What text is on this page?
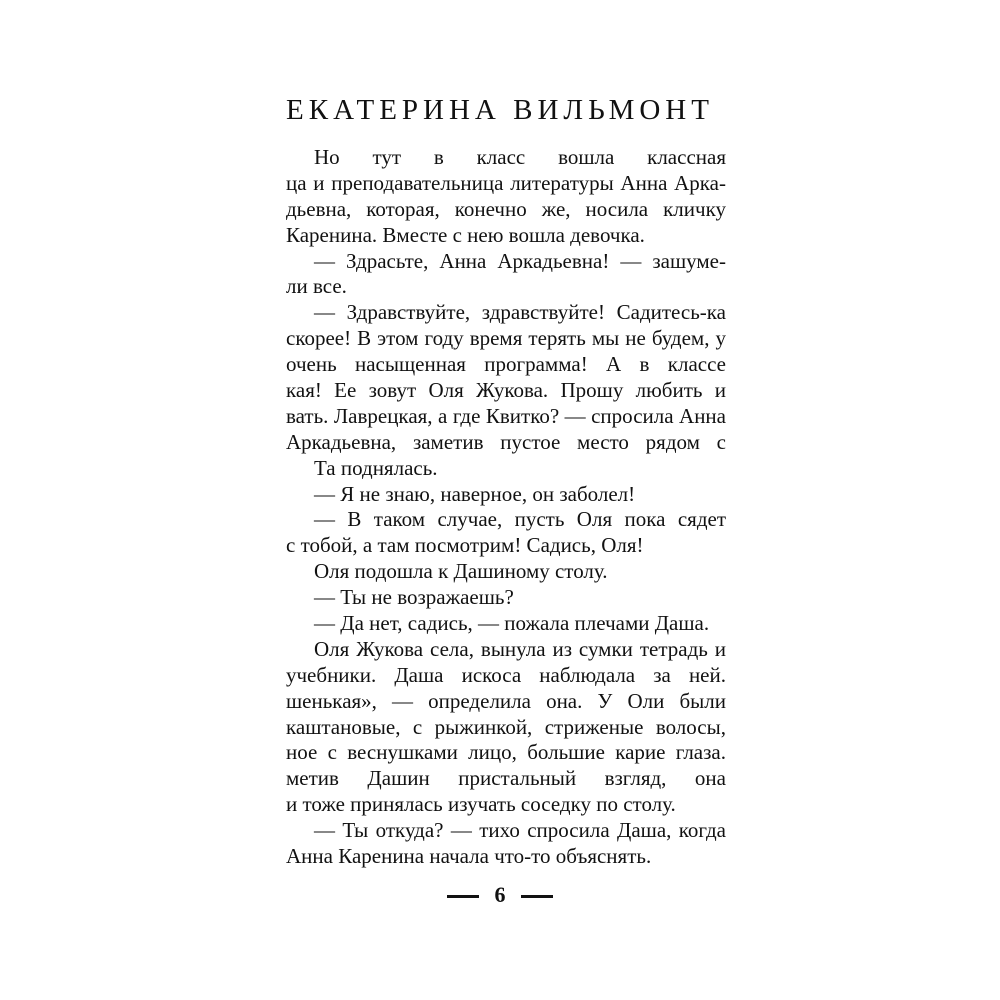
ЕКАТЕРИНА ВИЛЬМОНТ
Но тут в класс вошла классная
ца и преподавательница литературы Анна Арка-
дьевна, которая, конечно же, носила кличку
Каренина. Вместе с нею вошла девочка.
— Здрасьте, Анна Аркадьевна! — зашуме-
ли все.
— Здравствуйте, здравствуйте! Садитесь-ка
скорее! В этом году время терять мы не будем, у
очень насыщенная программа! А в классе
кая! Ее зовут Оля Жукова. Прошу любить и
вать. Лаврецкая, а где Квитко? — спросила Анна
Аркадьевна, заметив пустое место рядом с
Та поднялась.
— Я не знаю, наверное, он заболел!
— В таком случае, пусть Оля пока сядет
с тобой, а там посмотрим! Садись, Оля!
Оля подошла к Дашиному столу.
— Ты не возражаешь?
— Да нет, садись, — пожала плечами Даша.
Оля Жукова села, вынула из сумки тетрадь и
учебники. Даша искоса наблюдала за ней.
шенькая», — определила она. У Оли были
каштановые, с рыжинкой, стриженые волосы,
ное с веснушками лицо, большие карие глаза.
метив Дашин пристальный взгляд, она
и тоже принялась изучать соседку по столу.
— Ты откуда? — тихо спросила Даша, когда
Анна Каренина начала что-то объяснять.
6
